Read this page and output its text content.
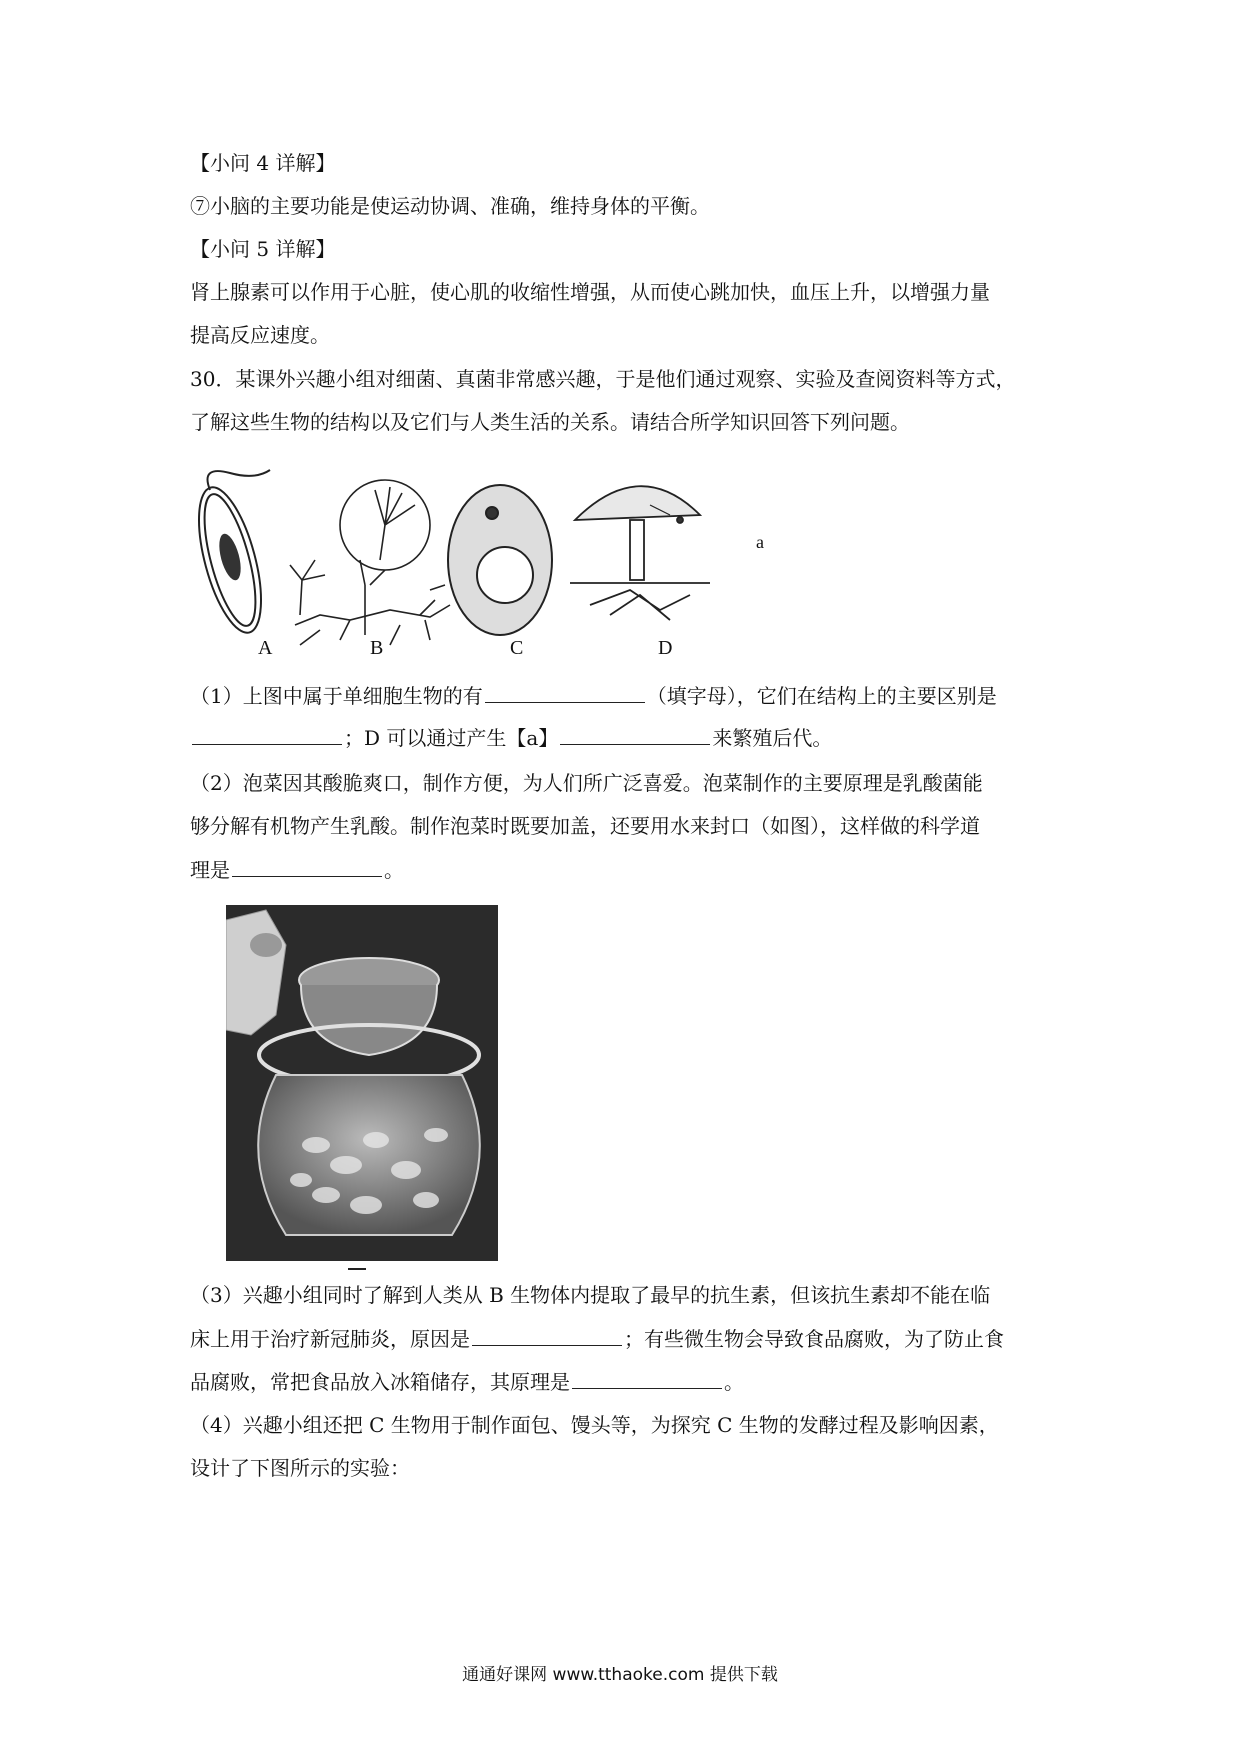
【小问 4 详解】
⑦小脑的主要功能是使运动协调、准确，维持身体的平衡。
【小问 5 详解】
肾上腺素可以作用于心脏，使心肌的收缩性增强，从而使心跳加快，血压上升，以增强力量
提高反应速度。
30．某课外兴趣小组对细菌、真菌非常感兴趣，于是他们通过观察、实验及查阅资料等方式，
了解这些生物的结构以及它们与人类生活的关系。请结合所学知识回答下列问题。
A	B	C	D
a
（1）上图中属于单细胞生物的有	（填字母），它们在结构上的主要区别是
；D 可以通过产生【a】	来繁殖后代。
（2）泡菜因其酸脆爽口，制作方便，为人们所广泛喜爱。泡菜制作的主要原理是乳酸菌能
够分解有机物产生乳酸。制作泡菜时既要加盖，还要用水来封口（如图），这样做的科学道
理是	。
（3）兴趣小组同时了解到人类从 B 生物体内提取了最早的抗生素，但该抗生素却不能在临
床上用于治疗新冠肺炎，原因是	；有些微生物会导致食品腐败，为了防止食
品腐败，常把食品放入冰箱储存，其原理是	。
（4）兴趣小组还把 C 生物用于制作面包、馒头等，为探究 C 生物的发酵过程及影响因素，
设计了下图所示的实验：
通通好课网 www.tthaoke.com 提供下载
